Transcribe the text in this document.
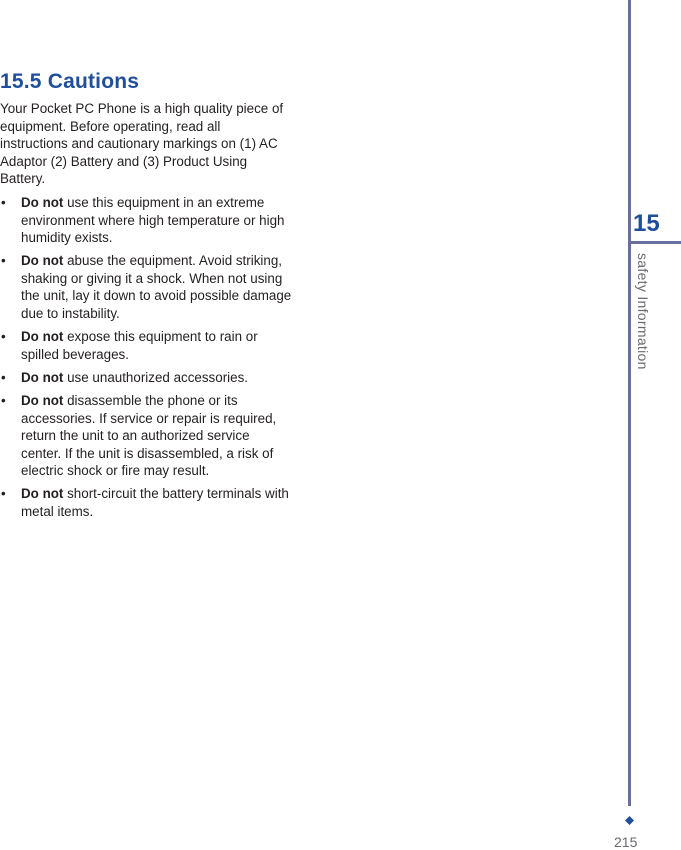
15.5 Cautions

Your Pocket PC Phone is a high quality piece of equipment. Before operating, read all instructions and cautionary markings on (1) AC Adaptor (2) Battery and (3) Product Using Battery.

• Do not use this equipment in an extreme environment where high temperature or high humidity exists.
• Do not abuse the equipment. Avoid striking, shaking or giving it a shock. When not using the unit, lay it down to avoid possible damage due to instability.
• Do not expose this equipment to rain or spilled beverages.
• Do not use unauthorized accessories.
• Do not disassemble the phone or its accessories. If service or repair is required, return the unit to an authorized service center. If the unit is disassembled, a risk of electric shock or fire may result.
• Do not short-circuit the battery terminals with metal items.
15
safety Information
215
